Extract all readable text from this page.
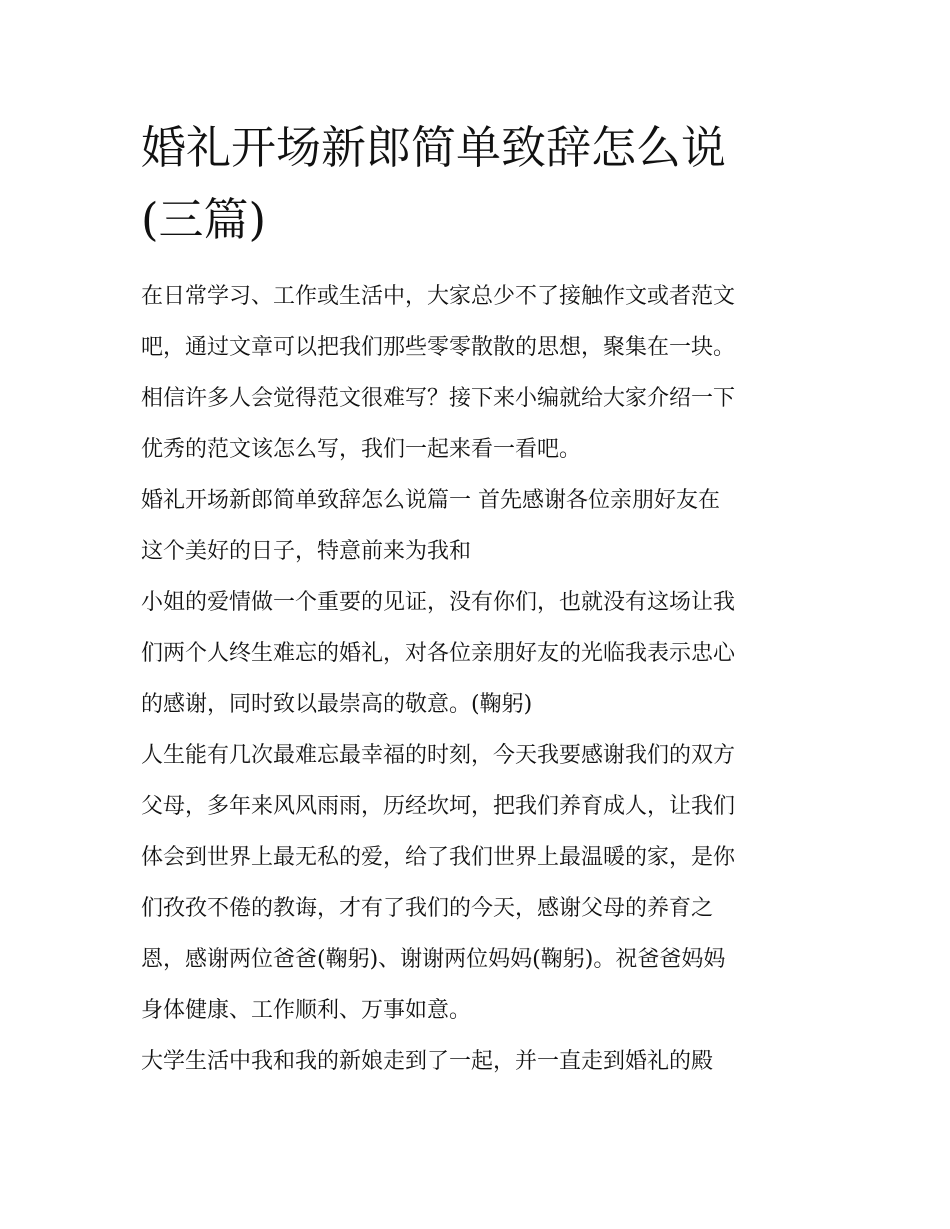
婚礼开场新郎简单致辞怎么说
(三篇)
在日常学习、工作或生活中，大家总少不了接触作文或者范文
吧，通过文章可以把我们那些零零散散的思想，聚集在一块。
相信许多人会觉得范文很难写？接下来小编就给大家介绍一下
优秀的范文该怎么写，我们一起来看一看吧。
婚礼开场新郎简单致辞怎么说篇一 首先感谢各位亲朋好友在
这个美好的日子，特意前来为我和
小姐的爱情做一个重要的见证，没有你们，也就没有这场让我
们两个人终生难忘的婚礼，对各位亲朋好友的光临我表示忠心
的感谢，同时致以最崇高的敬意。(鞠躬)
人生能有几次最难忘最幸福的时刻，今天我要感谢我们的双方
父母，多年来风风雨雨，历经坎坷，把我们养育成人，让我们
体会到世界上最无私的爱，给了我们世界上最温暖的家，是你
们孜孜不倦的教诲，才有了我们的今天，感谢父母的养育之
恩，感谢两位爸爸(鞠躬)、谢谢两位妈妈(鞠躬)。祝爸爸妈妈
身体健康、工作顺利、万事如意。
大学生活中我和我的新娘走到了一起，并一直走到婚礼的殿
